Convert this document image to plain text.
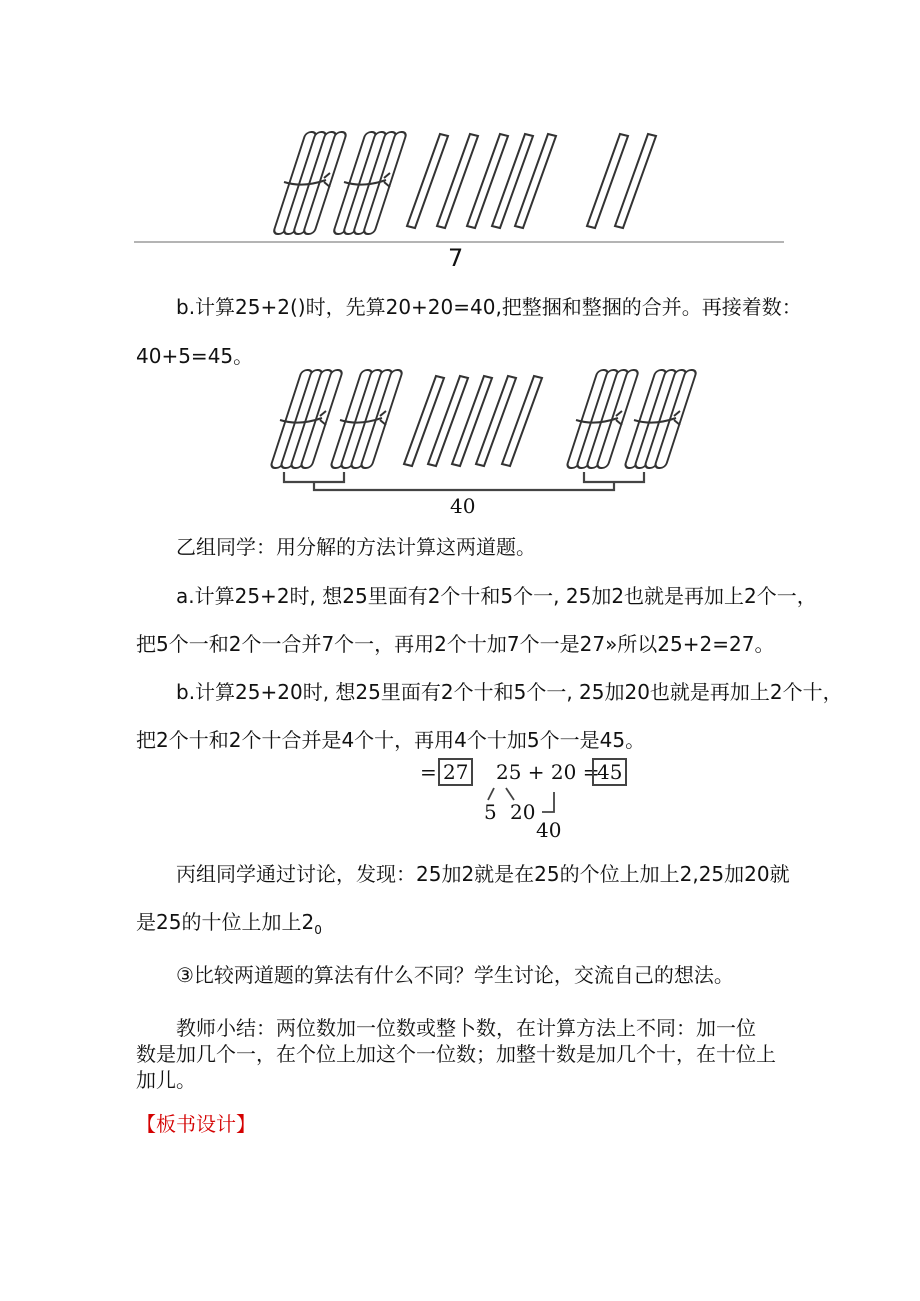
7
b.计算25+2()时，先算20+20=40,把整捆和整捆的合并。再接着数：
40+5=45。
40
乙组同学：用分解的方法计算这两道题。
a.计算25+2时, 想25里面有2个十和5个一, 25加2也就是再加上2个一，
把5个一和2个一合并7个一，再用2个十加7个一是27»所以25+2=27。
b.计算25+20时, 想25里面有2个十和5个一, 25加20也就是再加上2个十，
把2个十和2个十合并是4个十，再用4个十加5个一是45。
= 27 25 + 20 =
45
5 20
40
丙组同学通过讨论，发现：25加2就是在25的个位上加上2,25加20就
是25的十位上加上$2_0$
③比较两道题的算法有什么不同？学生讨论，交流自己的想法。
教师小结：两位数加一位数或整卜数，在计算方法上不同：加一位
数是加几个一，在个位上加这个一位数；加整十数是加几个十，在十位上
加儿。
【板书设计】
